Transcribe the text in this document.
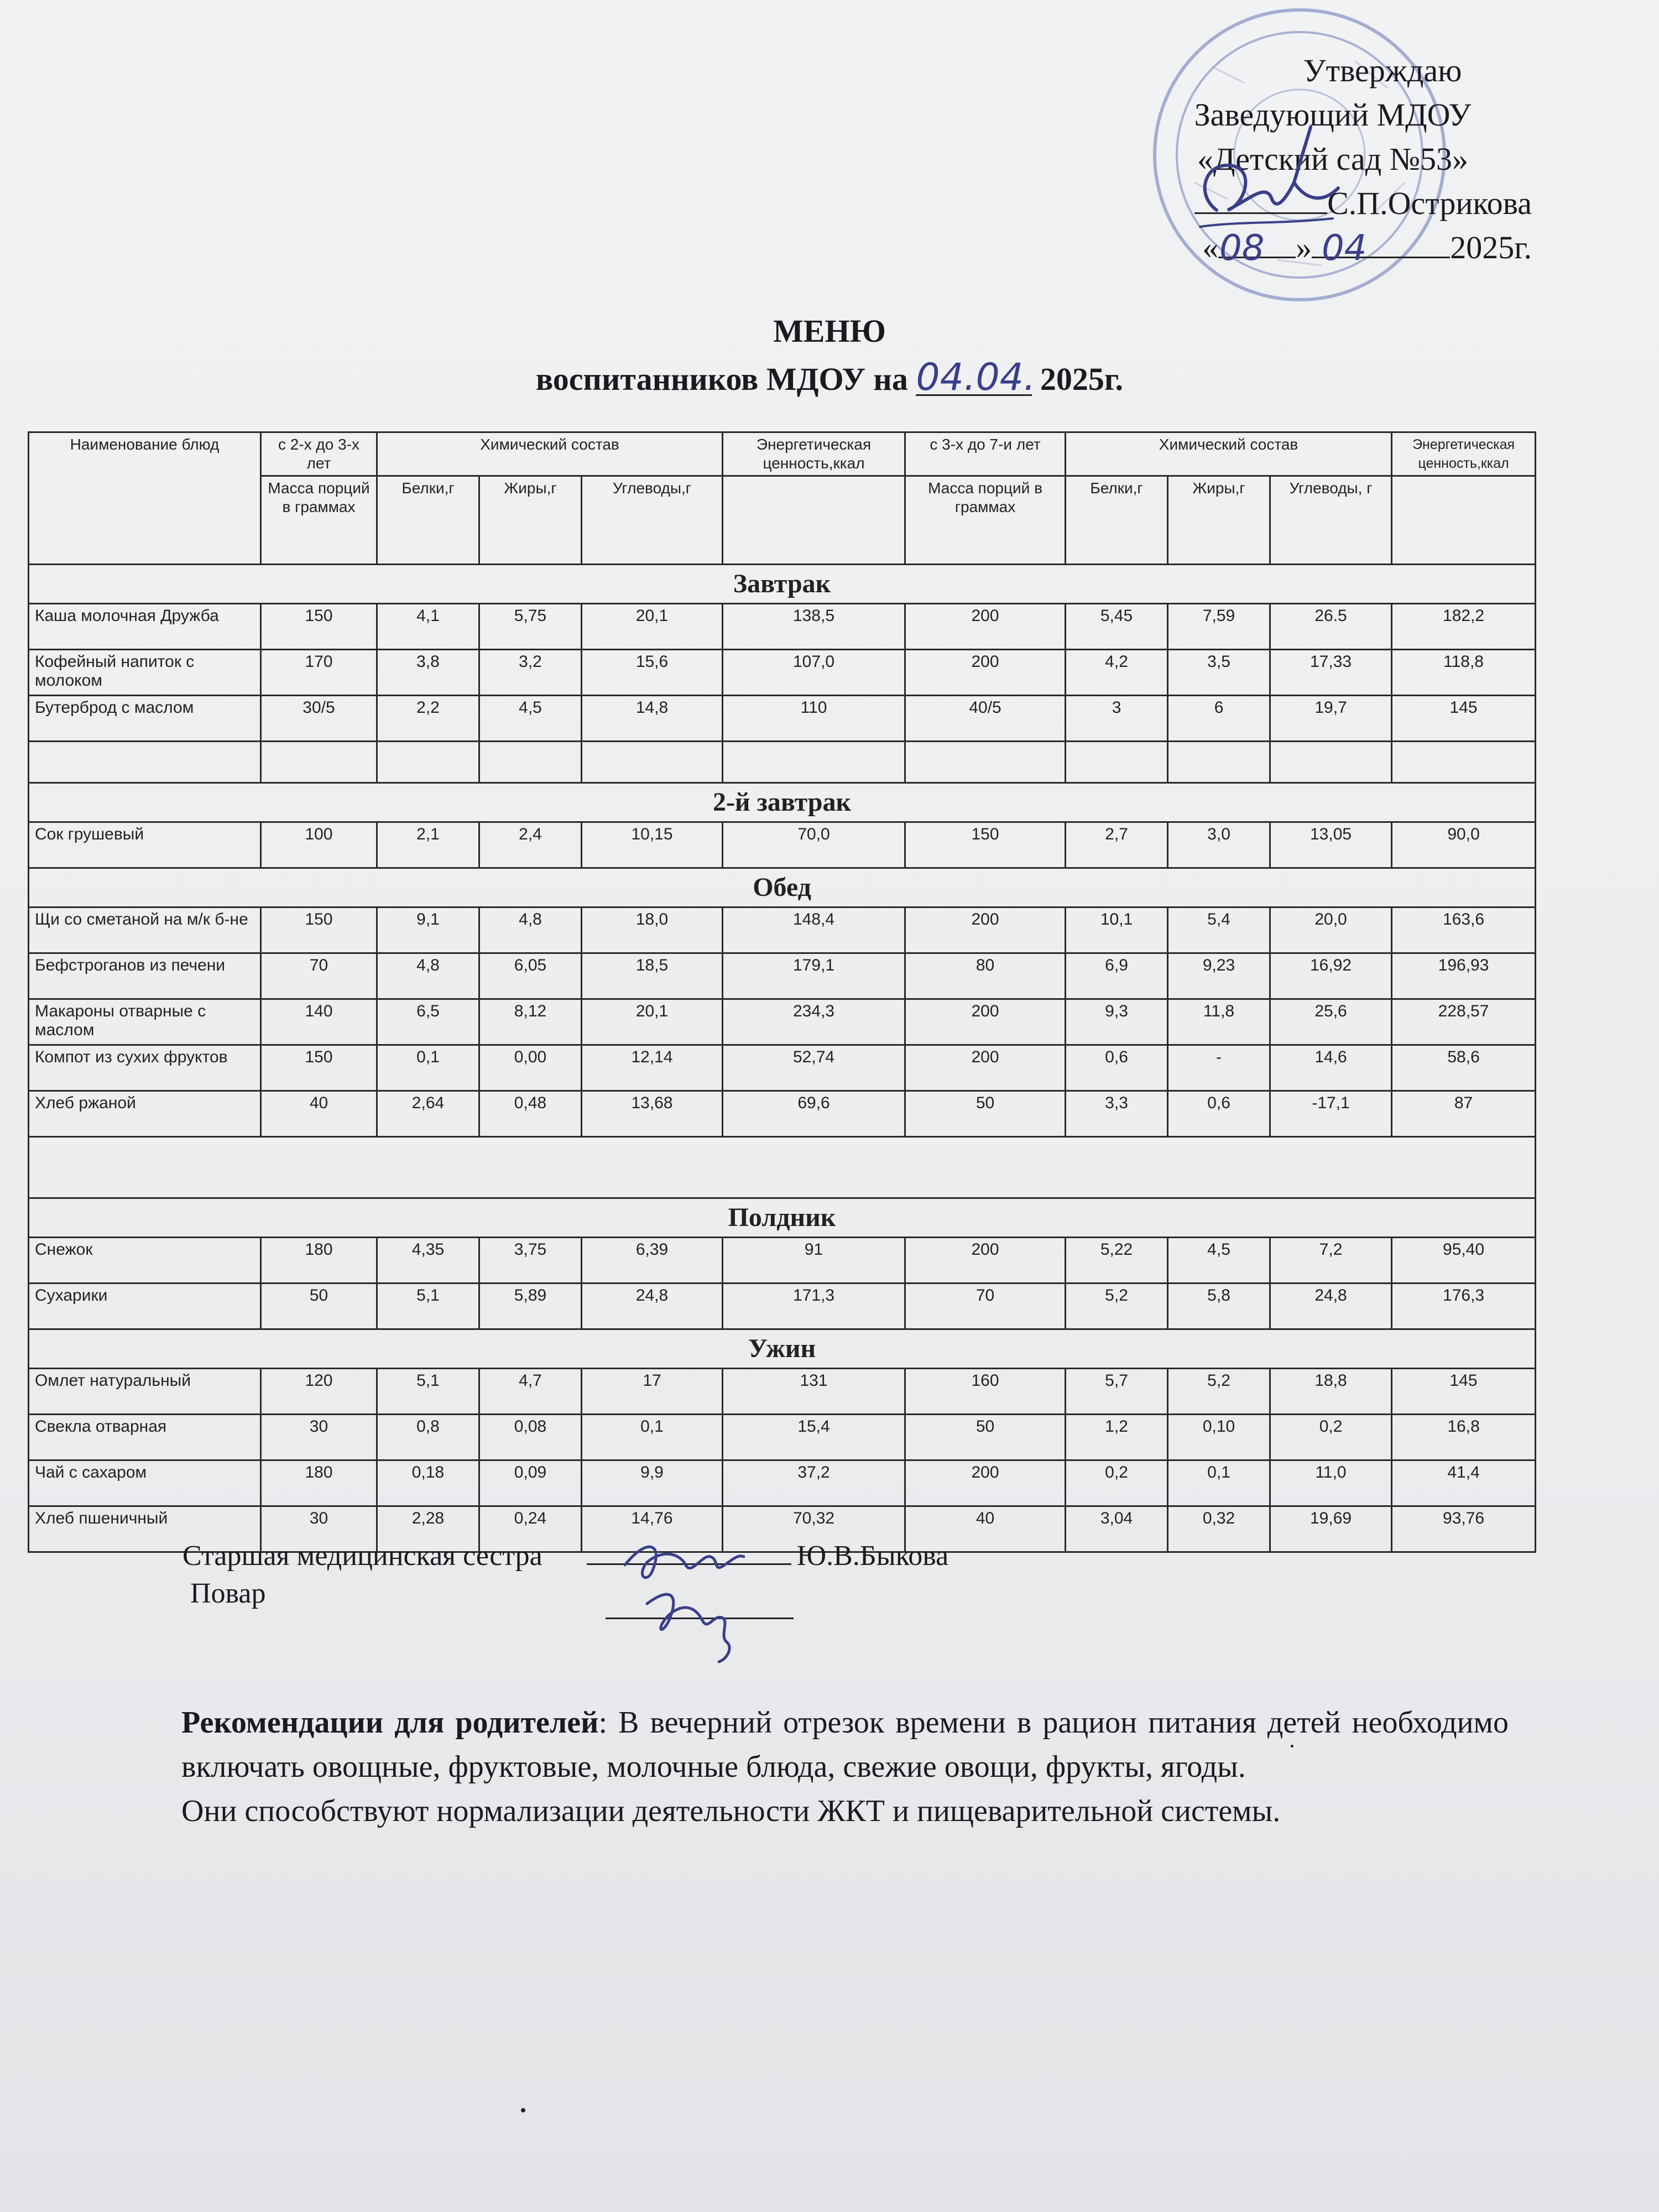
Утверждаю
Заведующий МДОУ
«Детский сад №53»
С.П.Острикова
« »	2025г.
08 04
МЕНЮ
воспитанников МДОУ на 04.04. 2025г.
Наименование блюд	с 2-х до 3-х лет	Химический состав			Энергетическая ценность,ккал	с 3-х до 7-и лет	Химический состав			Энергетическая ценность,ккал
	Масса порций в граммах	Белки,г	Жиры,г	Углеводы,г		Масса порций в граммах	Белки,г	Жиры,г	Углеводы, г	
Завтрак										
Каша молочная Дружба	150	4,1	5,75	20,1	138,5	200	5,45	7,59	26.5	182,2
Кофейный напиток с молоком	170	3,8	3,2	15,6	107,0	200	4,2	3,5	17,33	118,8
Бутерброд с маслом	30/5	2,2	4,5	14,8	110	40/5	3	6	19,7	145

2-й завтрак										
Сок грушевый	100	2,1	2,4	10,15	70,0	150	2,7	3,0	13,05	90,0
Обед										
Щи со сметаной на м/к б-не	150	9,1	4,8	18,0	148,4	200	10,1	5,4	20,0	163,6
Бефстроганов из печени	70	4,8	6,05	18,5	179,1	80	6,9	9,23	16,92	196,93
Макароны отварные с маслом	140	6,5	8,12	20,1	234,3	200	9,3	11,8	25,6	228,57
Компот из сухих фруктов	150	0,1	0,00	12,14	52,74	200	0,6	-	14,6	58,6
Хлеб ржаной	40	2,64	0,48	13,68	69,6	50	3,3	0,6	-17,1	87

Полдник										
Снежок	180	4,35	3,75	6,39	91	200	5,22	4,5	7,2	95,40
Сухарики	50	5,1	5,89	24,8	171,3	70	5,2	5,8	24,8	176,3
Ужин										
Омлет натуральный	120	5,1	4,7	17	131	160	5,7	5,2	18,8	145
Свекла отварная	30	0,8	0,08	0,1	15,4	50	1,2	0,10	0,2	16,8
Чай с сахаром	180	0,18	0,09	9,9	37,2	200	0,2	0,1	11,0	41,4
Хлеб пшеничный	30	2,28	0,24	14,76	70,32	40	3,04	0,32	19,69	93,76
Старшая медицинская сестра	Ю.В.Быкова
Повар

Рекомендации для родителей: В вечерний отрезок времени в рацион питания детей необходимо включать овощные, фруктовые, молочные блюда, свежие овощи, фрукты, ягоды.

Они способствуют нормализации деятельности ЖКТ и пищеварительной системы.
